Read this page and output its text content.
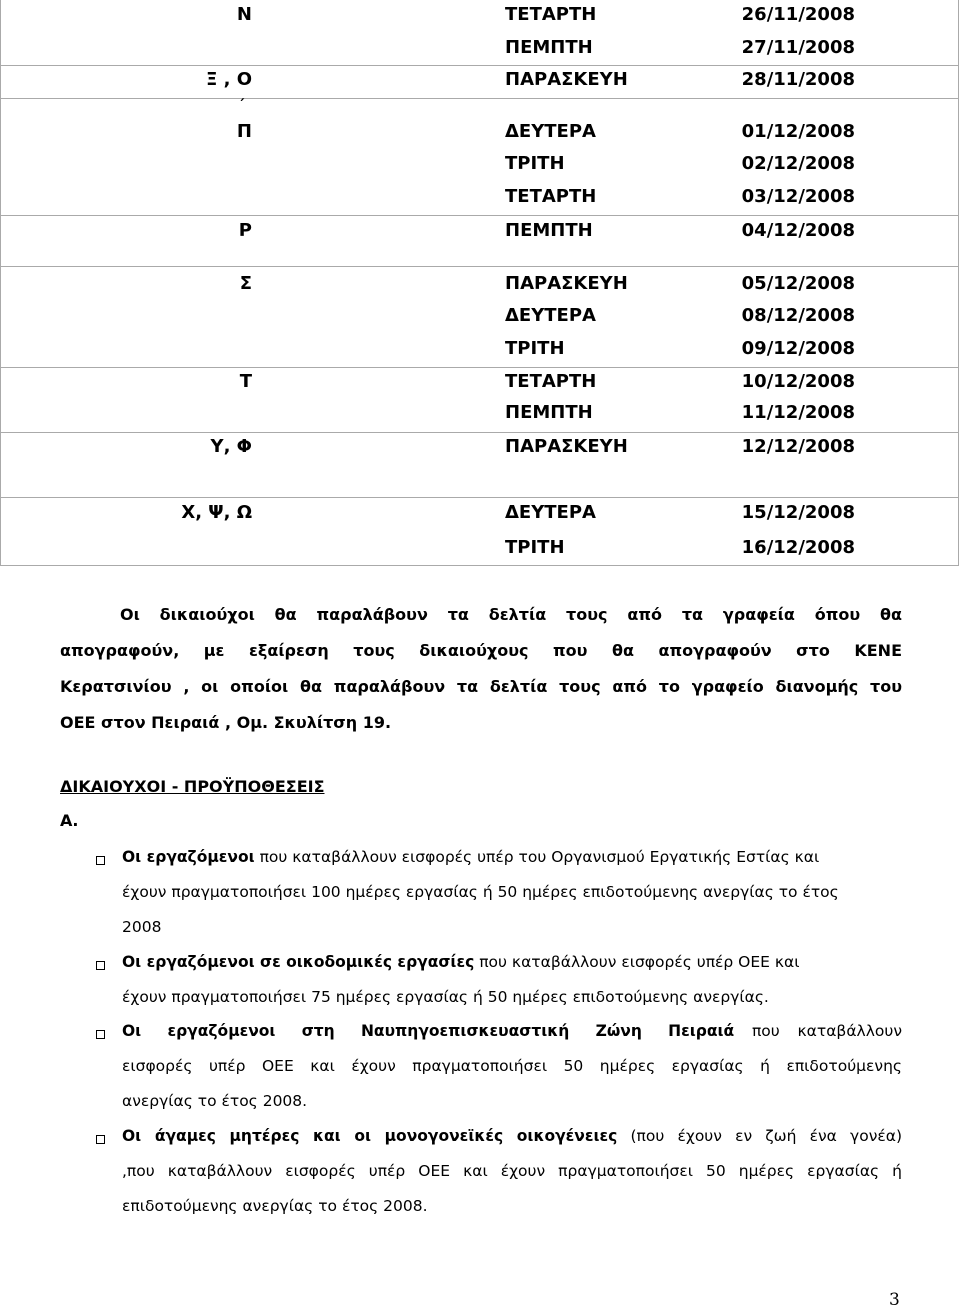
´
Ν	ΤΕΤΑΡΤΗ	26/11/2008
ΠΕΜΠΤΗ	27/11/2008
Ξ , Ο	ΠΑΡΑΣΚΕΥΗ	28/11/2008
Π	ΔΕΥΤΕΡΑ	01/12/2008
ΤΡΙΤΗ	02/12/2008
ΤΕΤΑΡΤΗ	03/12/2008
Ρ	ΠΕΜΠΤΗ	04/12/2008
Σ	ΠΑΡΑΣΚΕΥΗ	05/12/2008
ΔΕΥΤΕΡΑ	08/12/2008
ΤΡΙΤΗ	09/12/2008
Τ	ΤΕΤΑΡΤΗ	10/12/2008
ΠΕΜΠΤΗ	11/12/2008
Υ, Φ	ΠΑΡΑΣΚΕΥΗ	12/12/2008
Χ, Ψ, Ω	ΔΕΥΤΕΡΑ	15/12/2008
ΤΡΙΤΗ	16/12/2008
Οι δικαιούχοι θα παραλάβουν τα δελτία τους από τα γραφεία όπου θα
απογραφούν, με εξαίρεση τους δικαιούχους που θα απογραφούν στο ΚΕΝΕ
Κερατσινίου , οι οποίοι θα παραλάβουν τα δελτία τους από το γραφείο διανομής του
ΟΕΕ στον Πειραιά , Ομ. Σκυλίτση 19.
ΔΙΚΑΙΟΥΧΟΙ - ΠΡΟΫΠΟΘΕΣΕΙΣ
Α.
Οι εργαζόμενοι που καταβάλλουν εισφορές υπέρ του Οργανισμού Εργατικής Εστίας και
έχουν πραγματοποιήσει 100 ημέρες εργασίας ή 50 ημέρες επιδοτούμενης ανεργίας το έτος
2008
Οι εργαζόμενοι σε οικοδομικές εργασίες που καταβάλλουν εισφορές υπέρ ΟΕΕ και
έχουν πραγματοποιήσει 75 ημέρες εργασίας ή 50 ημέρες επιδοτούμενης ανεργίας.
Οι εργαζόμενοι στη Ναυπηγοεπισκευαστική Ζώνη Πειραιά που καταβάλλουν
εισφορές υπέρ ΟΕΕ και έχουν πραγματοποιήσει 50 ημέρες εργασίας ή επιδοτούμενης
ανεργίας το έτος 2008.
Οι άγαμες μητέρες και οι μονογονεϊκές οικογένειες (που έχουν εν ζωή ένα γονέα)
,που καταβάλλουν εισφορές υπέρ ΟΕΕ και έχουν πραγματοποιήσει 50 ημέρες εργασίας ή
επιδοτούμενης ανεργίας το έτος 2008.
3
